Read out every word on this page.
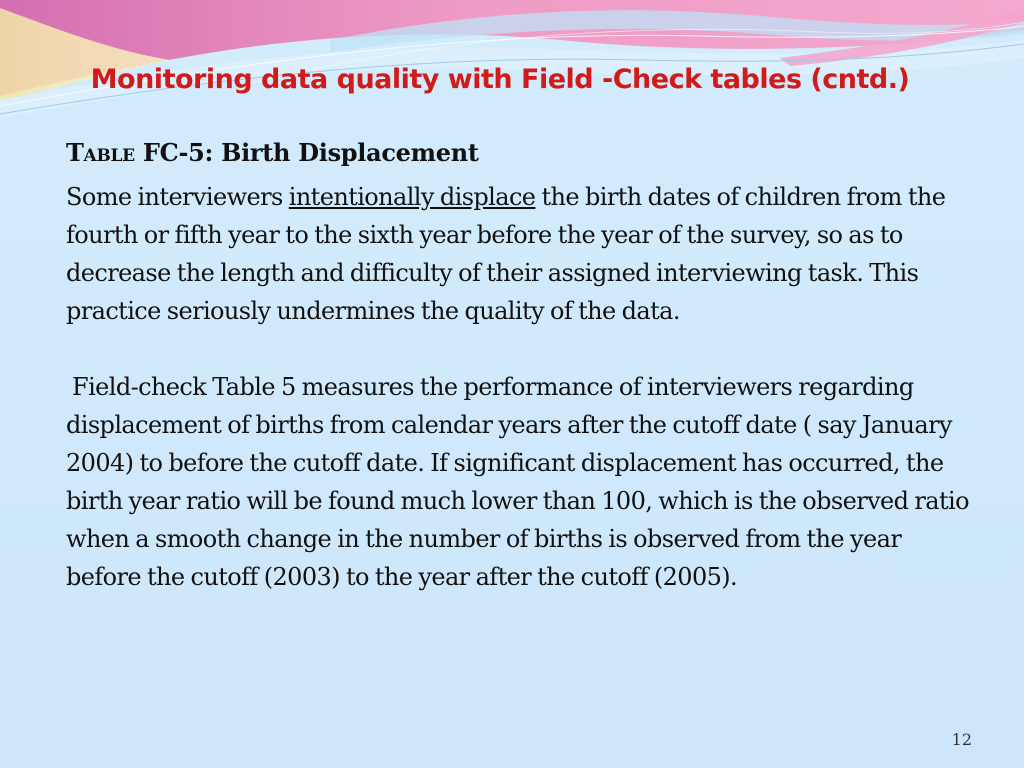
Monitoring data quality with Field -Check tables (cntd.)
Table FC-5: Birth Displacement

Some interviewers intentionally displace the birth dates of children from the fourth or fifth year to the sixth year before the year of the survey, so as to decrease the length and difficulty of their assigned interviewing task. This practice seriously undermines the quality of the data.

Field-check Table 5 measures the performance of interviewers regarding displacement of births from calendar years after the cutoff date ( say January 2004) to before the cutoff date. If significant displacement has occurred, the birth year ratio will be found much lower than 100, which is the observed ratio when a smooth change in the number of births is observed from the year before the cutoff (2003) to the year after the cutoff (2005).

12
